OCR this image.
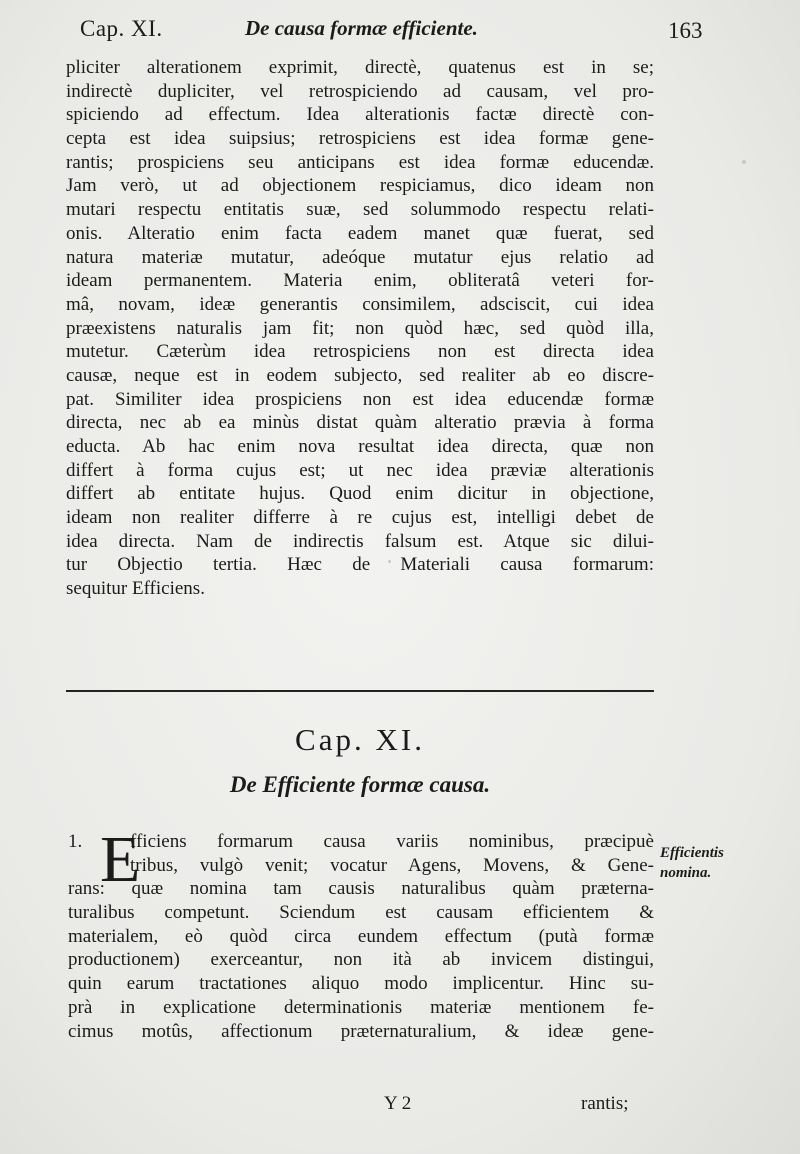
Cap. XI.	De causa formæ efficiente.	163
pliciter alterationem exprimit, directè, quatenus est in se;
indirectè dupliciter, vel retrospiciendo ad causam, vel pro-
spiciendo ad effectum. Idea alterationis factæ directè con-
cepta est idea suipsius; retrospiciens est idea formæ gene-
rantis; prospiciens seu anticipans est idea formæ educendæ.
Jam verò, ut ad objectionem respiciamus, dico ideam non
mutari respectu entitatis suæ, sed solummodo respectu relati-
onis. Alteratio enim facta eadem manet quæ fuerat, sed
natura materiæ mutatur, adeóque mutatur ejus relatio ad
ideam permanentem. Materia enim, obliteratâ veteri for-
mâ, novam, ideæ generantis consimilem, adsciscit, cui idea
præexistens naturalis jam fit; non quòd hæc, sed quòd illa,
mutetur. Cæterùm idea retrospiciens non est directa idea
causæ, neque est in eodem subjecto, sed realiter ab eo discre-
pat. Similiter idea prospiciens non est idea educendæ formæ
directa, nec ab ea minùs distat quàm alteratio prævia à forma
educta. Ab hac enim nova resultat idea directa, quæ non
differt à forma cujus est; ut nec idea præviæ alterationis
differt ab entitate hujus. Quod enim dicitur in objectione,
ideam non realiter differre à re cujus est, intelligi debet de
idea directa. Nam de indirectis falsum est. Atque sic dilui-
tur Objectio tertia. Hæc de Materiali causa formarum:
sequitur Efficiens.
Cap. XI.
De Efficiente formæ causa.
1. E
fficiens formarum causa variis nominibus, præcipuè
tribus, vulgò venit; vocatur Agens, Movens, & Gene-
rans: quæ nomina tam causis naturalibus quàm præterna-
turalibus competunt. Sciendum est causam efficientem &
materialem, eò quòd circa eundem effectum (putà formæ
productionem) exerceantur, non ità ab invicem distingui,
quin earum tractationes aliquo modo implicentur. Hinc su-
prà in explicatione determinationis materiæ mentionem fe-
cimus motûs, affectionum præternaturalium, & ideæ gene-
Efficientis nomina.
Y 2	rantis;
